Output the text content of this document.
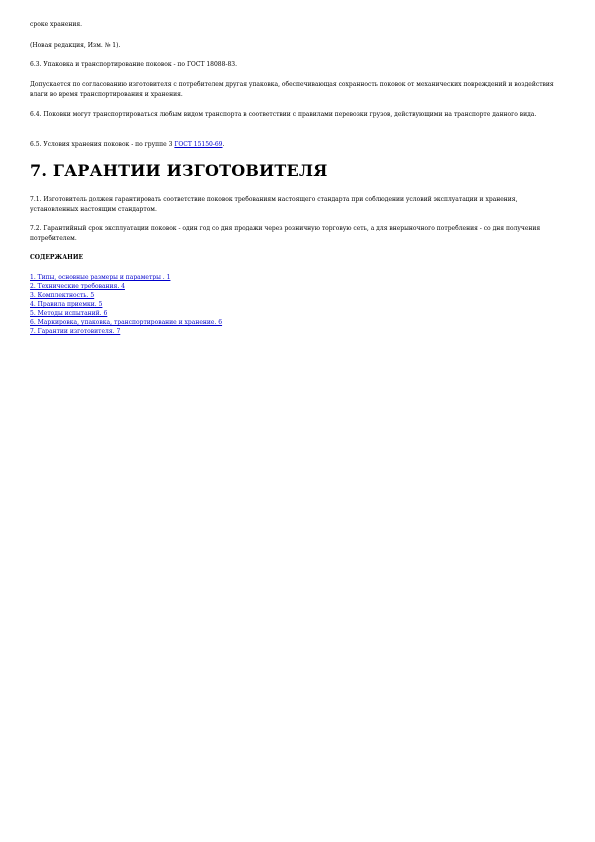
сроке хранения.

(Новая редакция, Изм. № 1).

6.3. Упаковка и транспортирование поковок - по ГОСТ 18088-83.

Допускается по согласованию изготовителя с потребителем другая упаковка, обеспечивающая сохранность поковок от механических повреждений и воздействия влаги во время транспортирования и хранения.

6.4. Поковки могут транспортироваться любым видом транспорта в соответствии с правилами перевозки грузов, действующими на транспорте данного вида.

6.5. Условия хранения поковок - по группе 3 ГОСТ 15150-69.

7. ГАРАНТИИ ИЗГОТОВИТЕЛЯ

7.1. Изготовитель должен гарантировать соответствие поковок требованиям настоящего стандарта при соблюдении условий эксплуатации и хранения, установленных настоящим стандартом.

7.2. Гарантийный срок эксплуатации поковок - один год со дня продажи через розничную торговую сеть, а для внерыночного потребления - со дня получения потребителем.

СОДЕРЖАНИЕ

1. Типы, основные размеры и параметры . 1
2. Технические требования. 4
3. Комплектность. 5
4. Правила приемки. 5
5. Методы испытаний. 6
6. Маркировка, упаковка, транспортирование и хранение. 6
7. Гарантии изготовителя. 7
